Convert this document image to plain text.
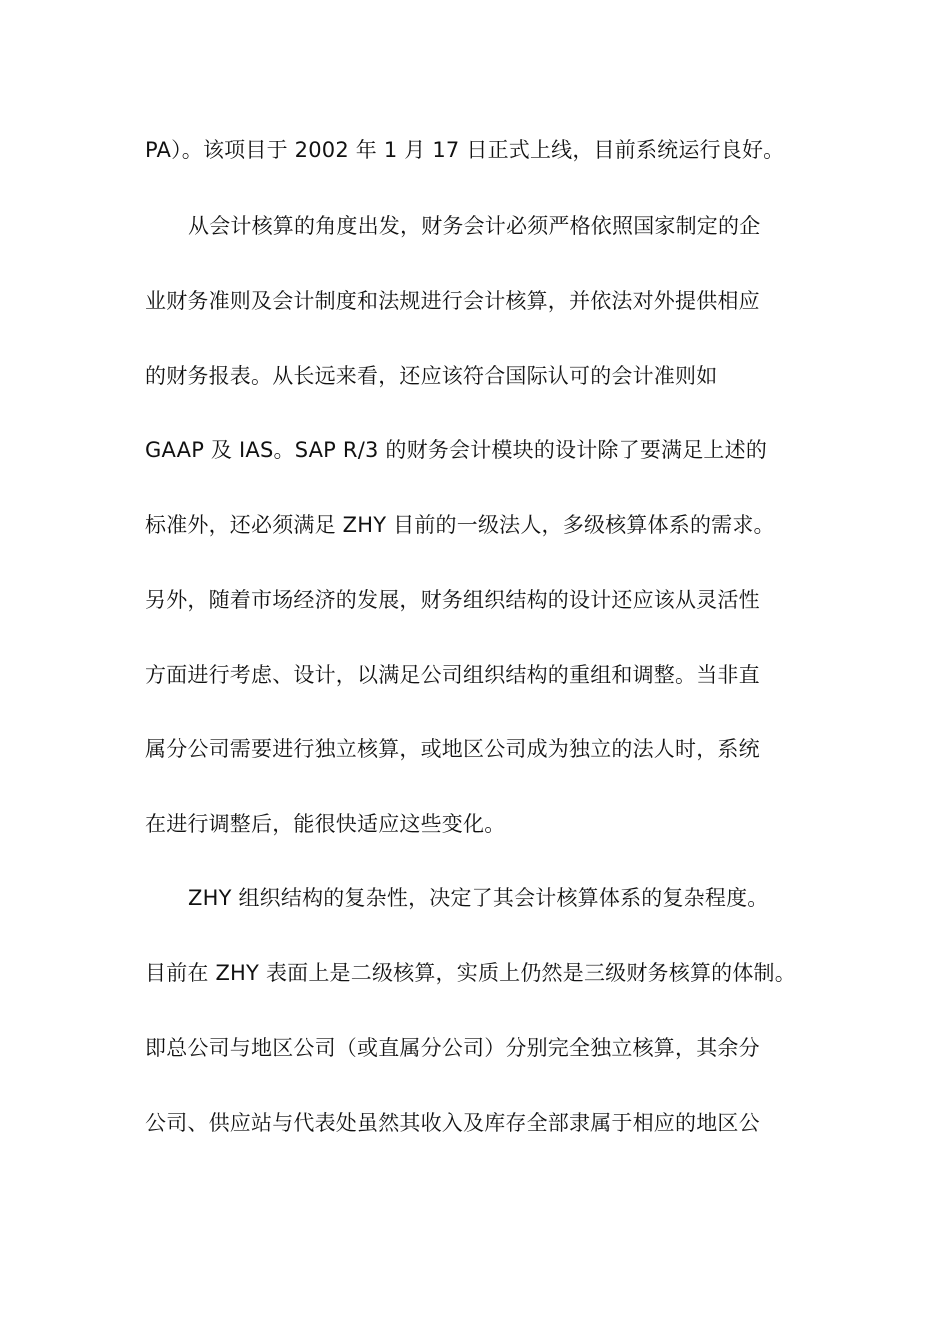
PA）。该项目于 2002 年 1 月 17 日正式上线，目前系统运行良好。
从会计核算的角度出发，财务会计必须严格依照国家制定的企
业财务准则及会计制度和法规进行会计核算，并依法对外提供相应
的财务报表。从长远来看，还应该符合国际认可的会计准则如
GAAP 及 IAS。SAP R/3 的财务会计模块的设计除了要满足上述的
标准外，还必须满足 ZHY 目前的一级法人，多级核算体系的需求。
另外，随着市场经济的发展，财务组织结构的设计还应该从灵活性
方面进行考虑、设计，以满足公司组织结构的重组和调整。当非直
属分公司需要进行独立核算，或地区公司成为独立的法人时，系统
在进行调整后，能很快适应这些变化。
ZHY 组织结构的复杂性，决定了其会计核算体系的复杂程度。
目前在 ZHY 表面上是二级核算，实质上仍然是三级财务核算的体制。
即总公司与地区公司（或直属分公司）分别完全独立核算，其余分
公司、供应站与代表处虽然其收入及库存全部隶属于相应的地区公
